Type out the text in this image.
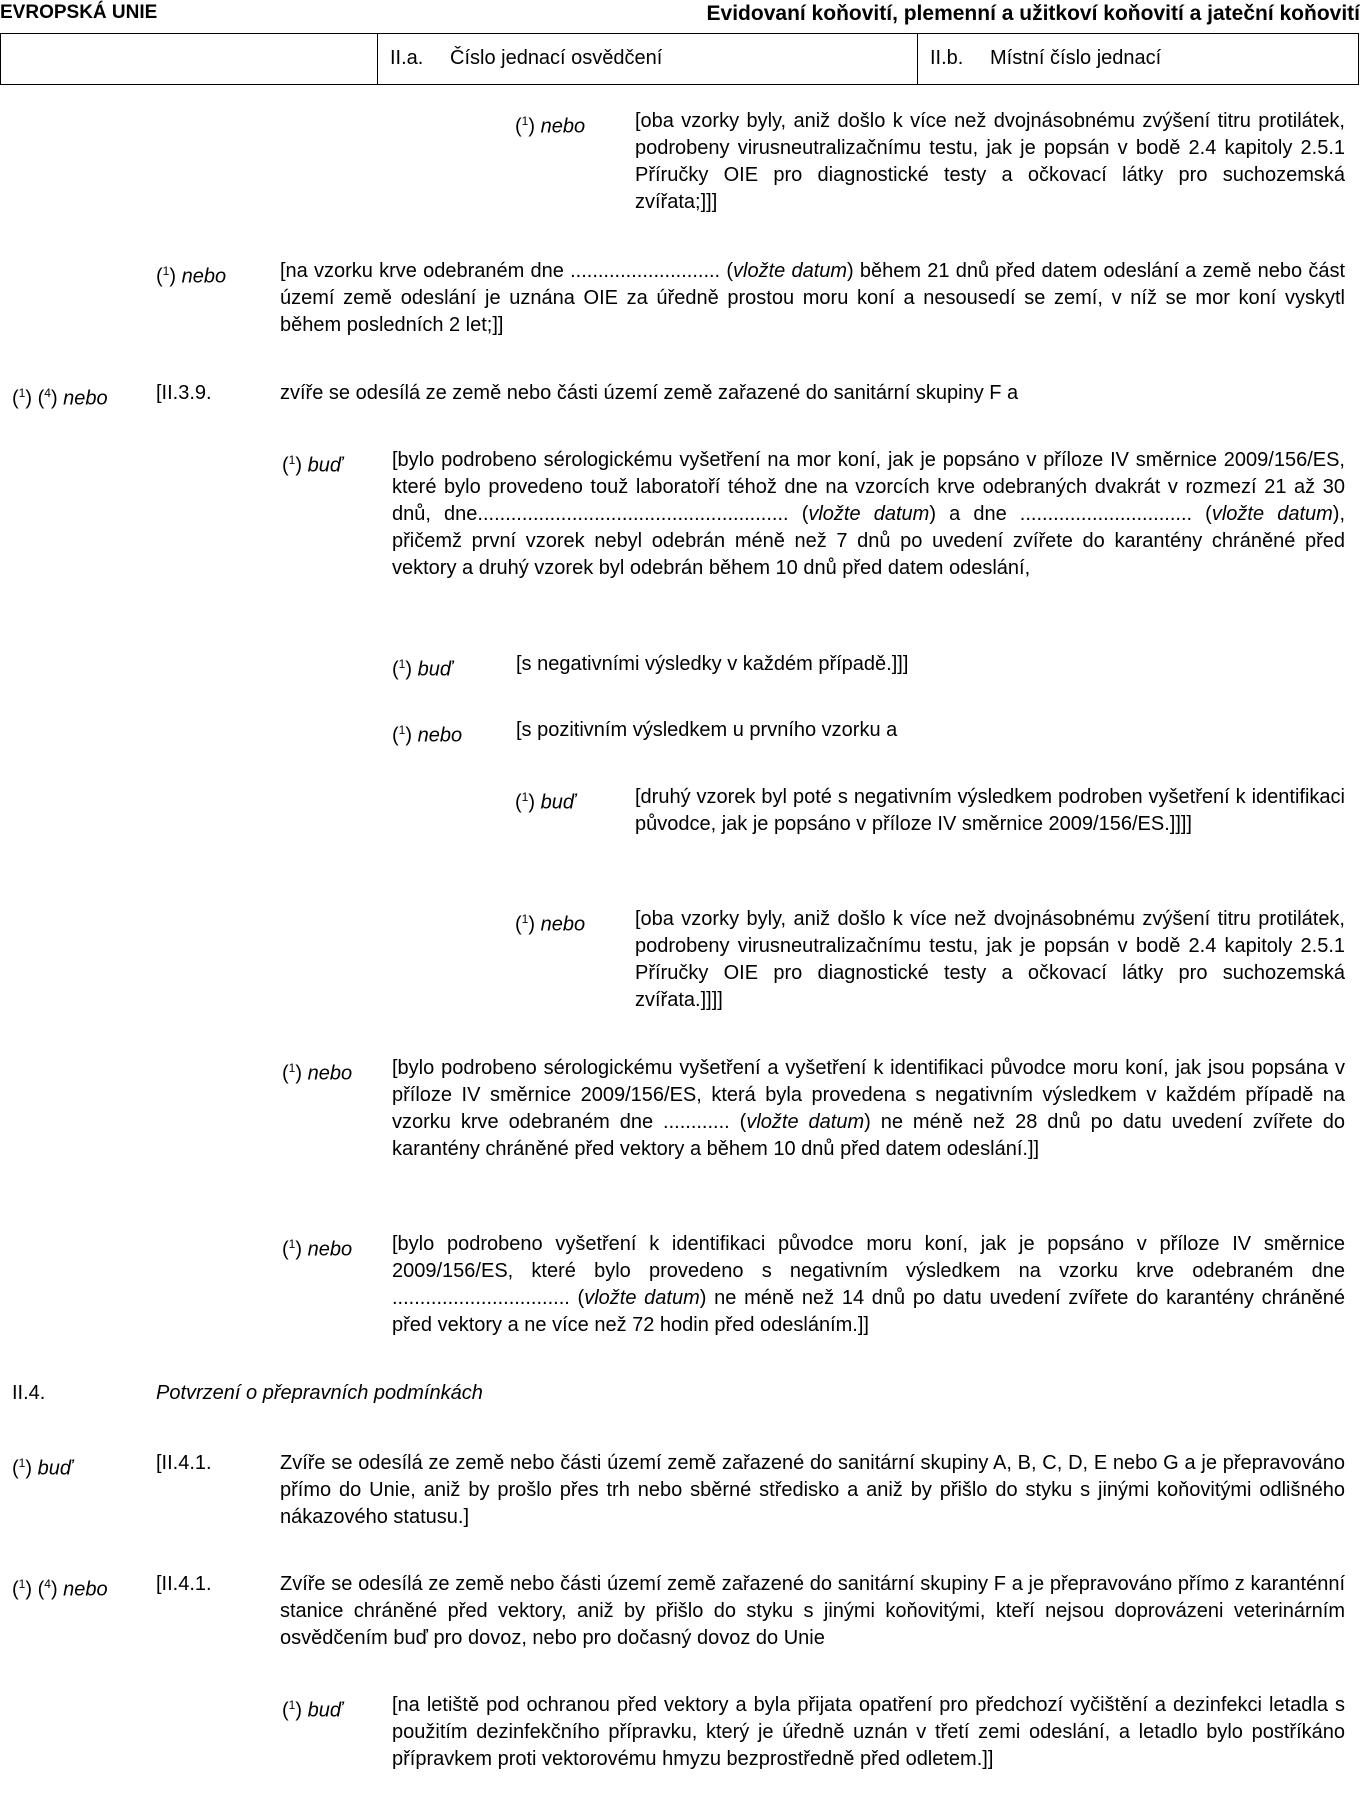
EVROPSKÁ UNIE	Evidovaní koňovití, plemenní a užitkoví koňovití a jateční koňovití
II.a. Číslo jednací osvědčení	II.b. Místní číslo jednací
($^1$) nebo [oba vzorky byly, aniž došlo k více než dvojnásobnému zvýšení titru protilátek, podrobeny virusneutralizačnímu testu, jak je popsán v bodě 2.4 kapitoly 2.5.1 Příručky OIE pro diagnostické testy a očkovací látky pro suchozemská zvířata;]]]
($^1$) nebo	[na vzorku krve odebraném dne ........................... (vložte datum) během 21 dnů před datem odeslání a země nebo část území země odeslání je uznána OIE za úředně prostou moru koní a nesousedí se zemí, v níž se mor koní vyskytl během posledních 2 let;]]
($^1$) ($^4$) nebo [II.3.9.	zvíře se odesílá ze země nebo části území země zařazené do sanitární skupiny F a
($^1$) buď [bylo podrobeno sérologickému vyšetření na mor koní, jak je popsáno v příloze IV směrnice 2009/156/ES, které bylo provedeno touž laboratoří téhož dne na vzorcích krve odebraných dvakrát v rozmezí 21 až 30 dnů, dne........................................................ (vložte datum) a dne ............................... (vložte datum), přičemž první vzorek nebyl odebrán méně než 7 dnů po uvedení zvířete do karantény chráněné před vektory a druhý vzorek byl odebrán během 10 dnů před datem odeslání,
($^1$) buď	[s negativními výsledky v každém případě.]]]
($^1$) nebo	[s pozitivním výsledkem u prvního vzorku a
($^1$) buď	[druhý vzorek byl poté s negativním výsledkem podroben vyšetření k identifikaci původce, jak je popsáno v příloze IV směrnice 2009/156/ES.]]]]
($^1$) nebo [oba vzorky byly, aniž došlo k více než dvojnásobnému zvýšení titru protilátek, podrobeny virusneutralizačnímu testu, jak je popsán v bodě 2.4 kapitoly 2.5.1 Příručky OIE pro diagnostické testy a očkovací látky pro suchozemská zvířata.]]]]
($^1$) nebo [bylo podrobeno sérologickému vyšetření a vyšetření k identifikaci původce moru koní, jak jsou popsána v příloze IV směrnice 2009/156/ES, která byla provedena s negativním výsledkem v každém případě na vzorku krve odebraném dne ............ (vložte datum) ne méně než 28 dnů po datu uvedení zvířete do karantény chráněné před vektory a během 10 dnů před datem odeslání.]]
($^1$) nebo [bylo podrobeno vyšetření k identifikaci původce moru koní, jak je popsáno v příloze IV směrnice 2009/156/ES, které bylo provedeno s negativním výsledkem na vzorku krve odebraném dne ................................ (vložte datum) ne méně než 14 dnů po datu uvedení zvířete do karantény chráněné před vektory a ne více než 72 hodin před odesláním.]]
II.4.	Potvrzení o přepravních podmínkách
($^1$) buď	[II.4.1.	Zvíře se odesílá ze země nebo části území země zařazené do sanitární skupiny A, B, C, D, E nebo G a je přepravováno přímo do Unie, aniž by prošlo přes trh nebo sběrné středisko a aniž by přišlo do styku s jinými koňovitými odlišného nákazového statusu.]
($^1$) ($^4$) nebo [II.4.1.	Zvíře se odesílá ze země nebo části území země zařazené do sanitární skupiny F a je přepravováno přímo z karanténní stanice chráněné před vektory, aniž by přišlo do styku s jinými koňovitými, kteří nejsou doprovázeni veterinárním osvědčením buď pro dovoz, nebo pro dočasný dovoz do Unie
($^1$) buď [na letiště pod ochranou před vektory a byla přijata opatření pro předchozí vyčištění a dezinfekci letadla s použitím dezinfekčního přípravku, který je úředně uznán v třetí zemi odeslání, a letadlo bylo postříkáno přípravkem proti vektorovému hmyzu bezprostředně před odletem.]]
